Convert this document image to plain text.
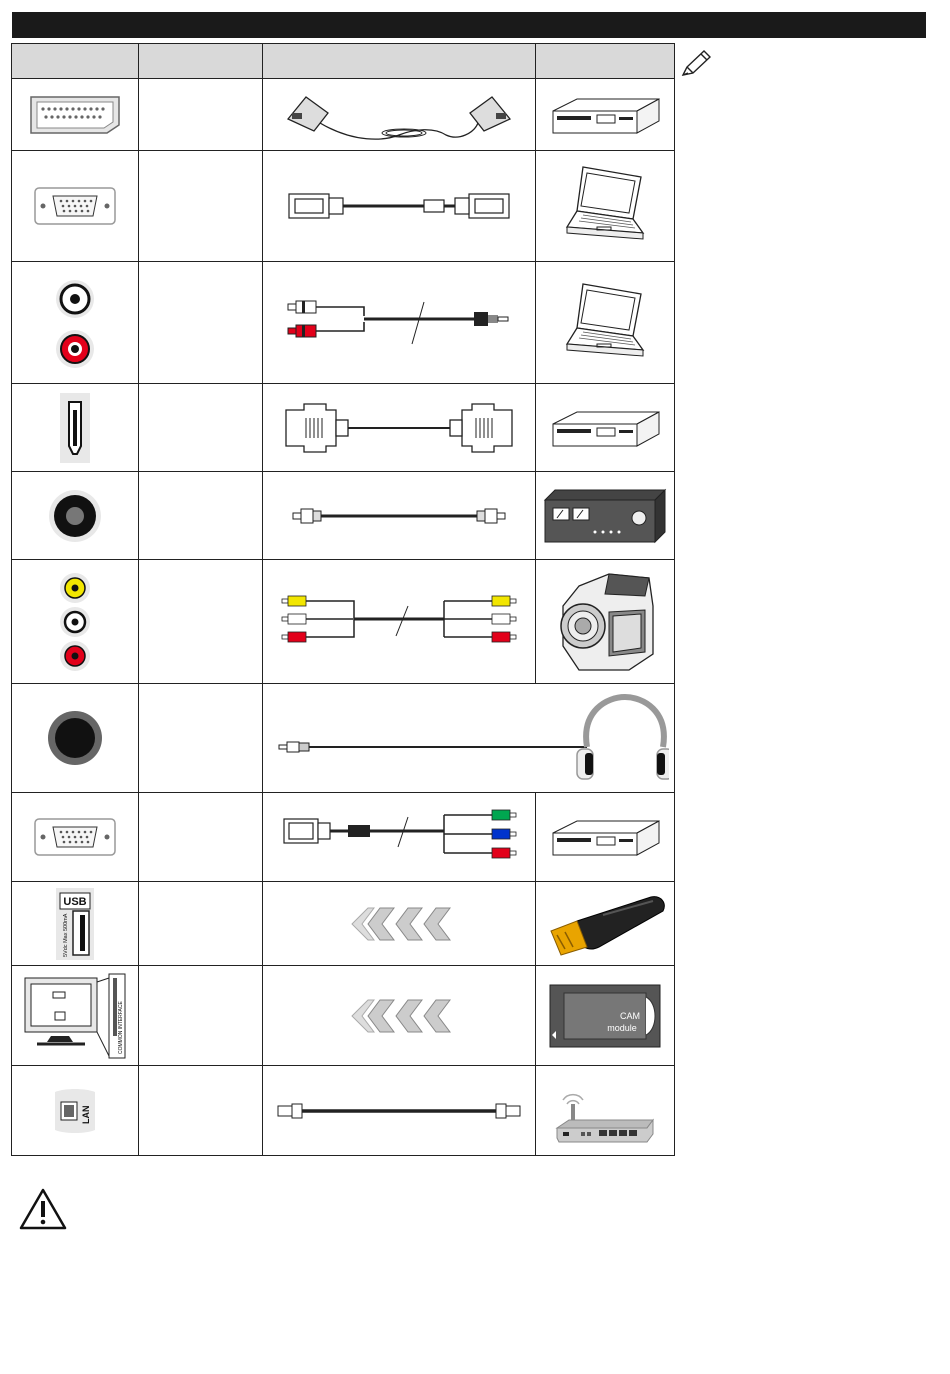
USB
5Vdc Max 500mA

COMMON INTERFACE			CAM
module

LAN
